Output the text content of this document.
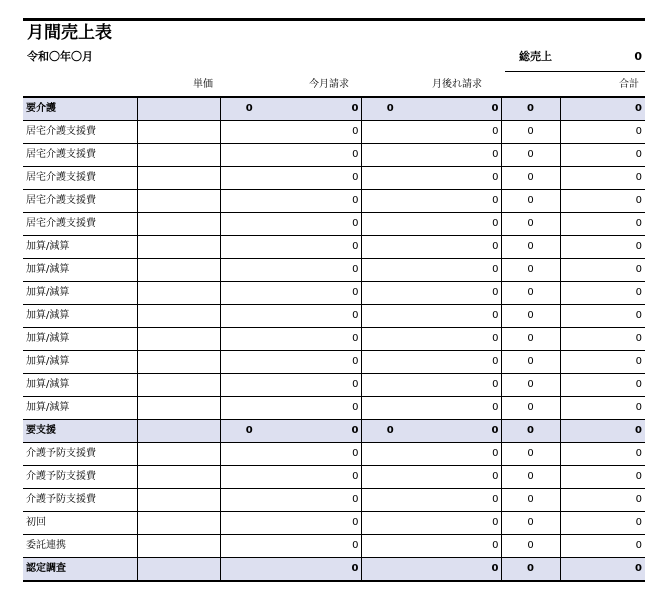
月間売上表
令和〇年〇月	総売上	0
単価	今月請求	月後れ請求	合計
要介護		0	0	0	0	0	0
居宅介護支援費			0		0	0	0
居宅介護支援費			0		0	0	0
居宅介護支援費			0		0	0	0
居宅介護支援費			0		0	0	0
居宅介護支援費			0		0	0	0
加算/減算			0		0	0	0
加算/減算			0		0	0	0
加算/減算			0		0	0	0
加算/減算			0		0	0	0
加算/減算			0		0	0	0
加算/減算			0		0	0	0
加算/減算			0		0	0	0
加算/減算			0		0	0	0
要支援		0	0	0	0	0	0
介護予防支援費			0		0	0	0
介護予防支援費			0		0	0	0
介護予防支援費			0		0	0	0
初回			0		0	0	0
委託連携			0		0	0	0
認定調査			0		0	0	0
